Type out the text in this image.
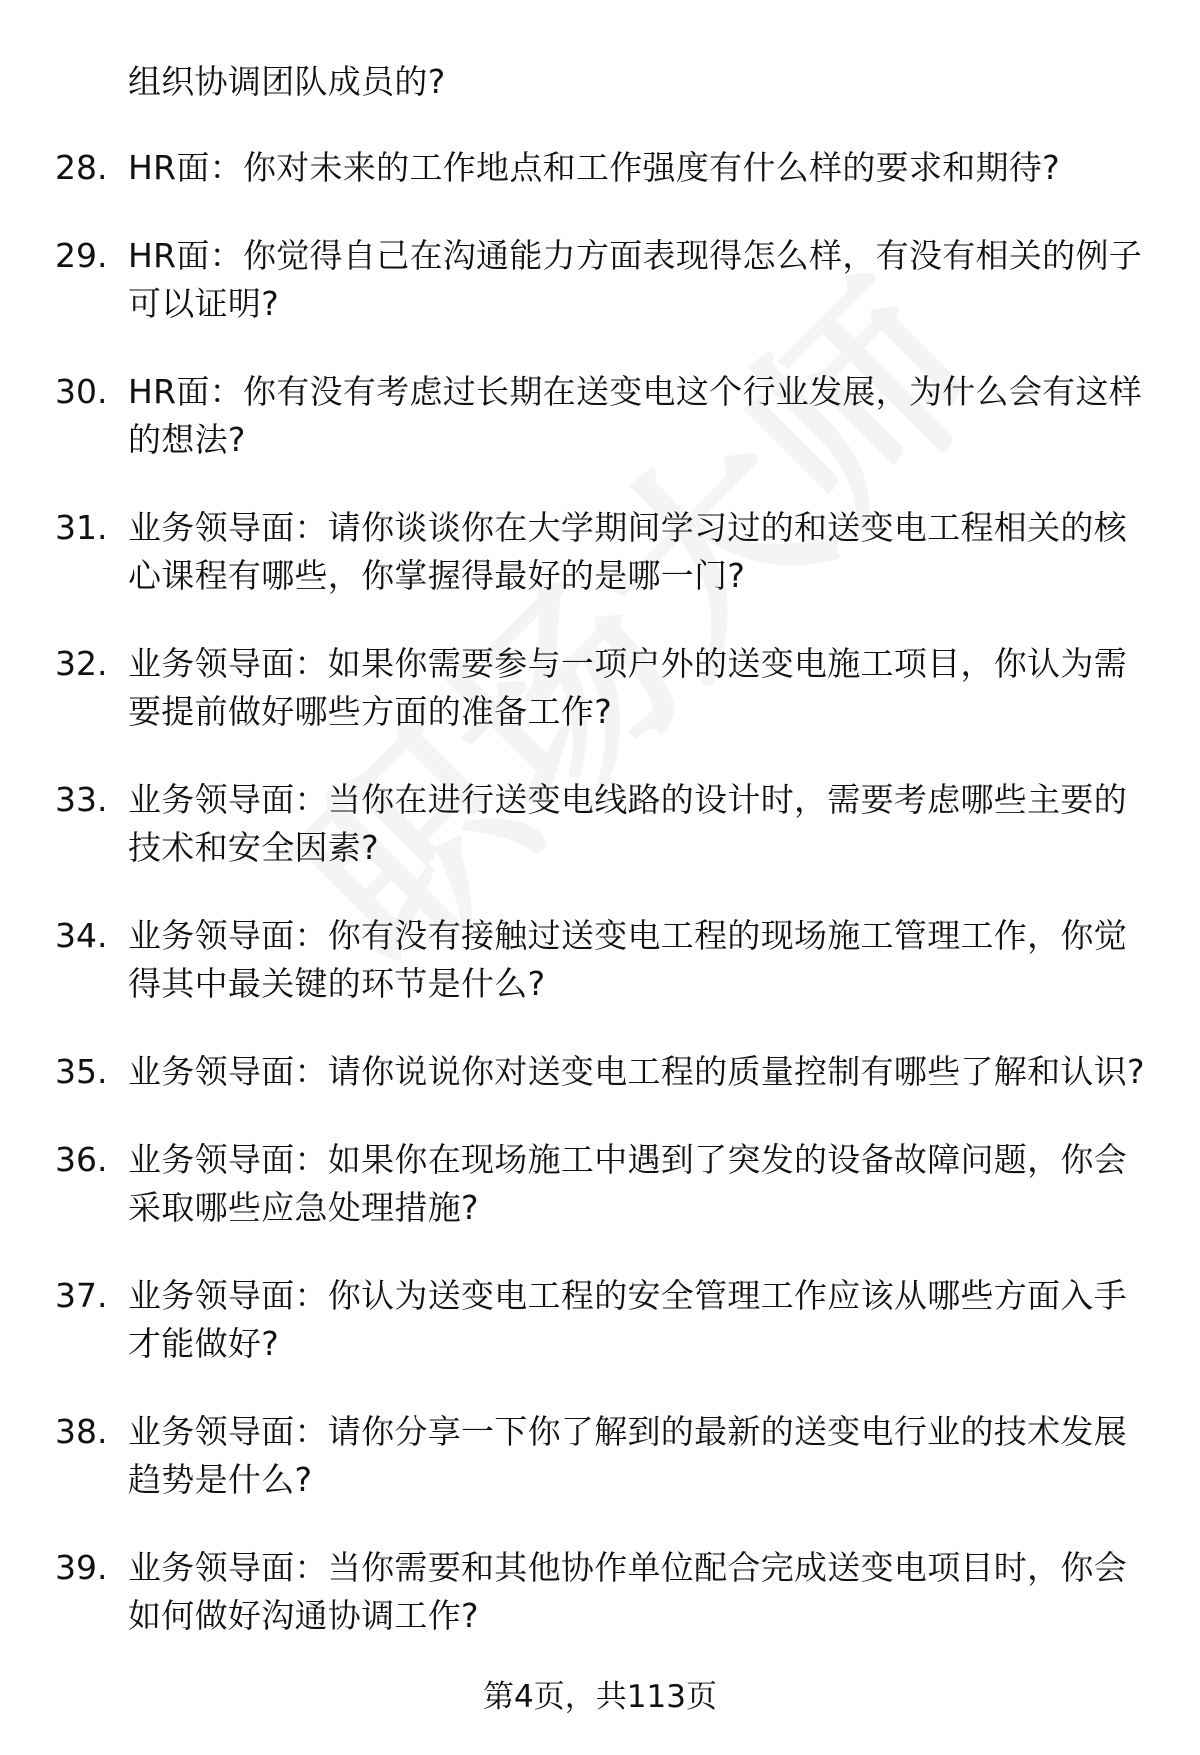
组织协调团队成员的?
28. HR面：你对未来的工作地点和工作强度有什么样的要求和期待?
29. HR面：你觉得自己在沟通能力方面表现得怎么样，有没有相关的例子可以证明?
30. HR面：你有没有考虑过长期在送变电这个行业发展，为什么会有这样的想法?
31. 业务领导面：请你谈谈你在大学期间学习过的和送变电工程相关的核心课程有哪些，你掌握得最好的是哪一门?
32. 业务领导面：如果你需要参与一项户外的送变电施工项目，你认为需要提前做好哪些方面的准备工作?
33. 业务领导面：当你在进行送变电线路的设计时，需要考虑哪些主要的技术和安全因素?
34. 业务领导面：你有没有接触过送变电工程的现场施工管理工作，你觉得其中最关键的环节是什么?
35. 业务领导面：请你说说你对送变电工程的质量控制有哪些了解和认识?
36. 业务领导面：如果你在现场施工中遇到了突发的设备故障问题，你会采取哪些应急处理措施?
37. 业务领导面：你认为送变电工程的安全管理工作应该从哪些方面入手才能做好?
38. 业务领导面：请你分享一下你了解到的最新的送变电行业的技术发展趋势是什么?
39. 业务领导面：当你需要和其他协作单位配合完成送变电项目时，你会如何做好沟通协调工作?
第4页，共113页
